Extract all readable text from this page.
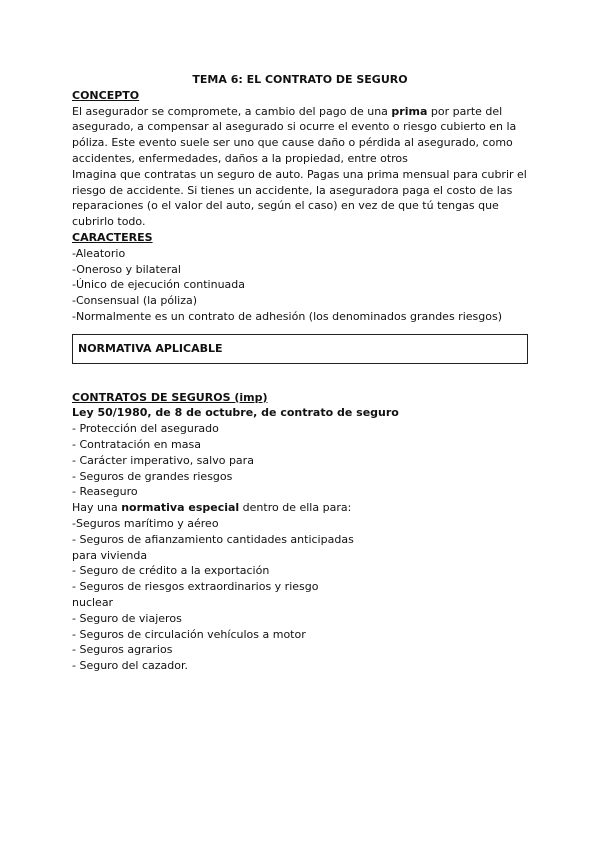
TEMA 6: EL CONTRATO DE SEGURO
CONCEPTO

El asegurador se compromete, a cambio del pago de una prima por parte del asegurado, a compensar al asegurado si ocurre el evento o riesgo cubierto en la póliza. Este evento suele ser uno que cause daño o pérdida al asegurado, como accidentes, enfermedades, daños a la propiedad, entre otros

Imagina que contratas un seguro de auto. Pagas una prima mensual para cubrir el riesgo de accidente. Si tienes un accidente, la aseguradora paga el costo de las reparaciones (o el valor del auto, según el caso) en vez de que tú tengas que cubrirlo todo.

CARACTERES
-Aleatorio
-Oneroso y bilateral
-Único de ejecución continuada
-Consensual (la póliza)
-Normalmente es un contrato de adhesión (los denominados grandes riesgos)
NORMATIVA APLICABLE
CONTRATOS DE SEGUROS (imp)
Ley 50/1980, de 8 de octubre, de contrato de seguro
- Protección del asegurado
- Contratación en masa
- Carácter imperativo, salvo para
- Seguros de grandes riesgos
- Reaseguro
Hay una normativa especial dentro de ella para:
-Seguros marítimo y aéreo
- Seguros de afianzamiento cantidades anticipadas
para vivienda
- Seguro de crédito a la exportación
- Seguros de riesgos extraordinarios y riesgo
nuclear
- Seguro de viajeros
- Seguros de circulación vehículos a motor
- Seguros agrarios
- Seguro del cazador.
